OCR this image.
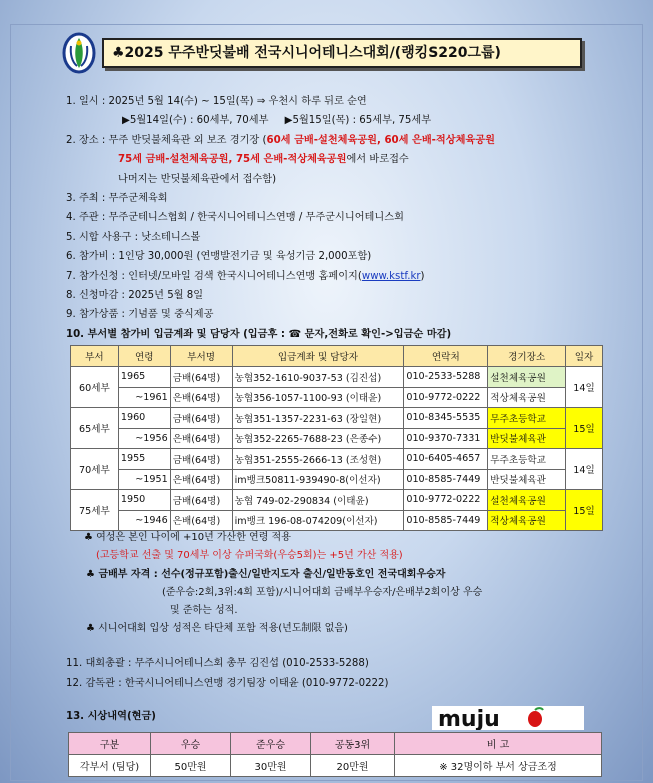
♣2025 무주반딧불배 전국시니어테니스대회/(랭킹S220그룹)
1. 일시 : 2025년 5월 14(수) ~ 15일(목) ⇒ 우천시 하루 뒤로 순연
▶5월14일(수) : 60세부, 70세부 ▶5월15일(목) : 65세부, 75세부
2. 장소 : 무주 반딧불체육관 외 보조 경기장 (60세 금배-설천체육공원, 60세 은배-적상체육공원
75세 금배-설천체육공원, 75세 은배-적상체육공원에서 바로접수
나머지는 반딧불체육관에서 접수함)
3. 주최 : 무주군체육회
4. 주관 : 무주군테니스협회 / 한국시니어테니스연맹 / 무주군시니어테니스회
5. 시합 사용구 : 낫소테니스볼
6. 참가비 : 1인당 30,000원 (연맹발전기금 및 육성기금 2,000포함)
7. 참가신청 : 인터넷/모바일 검색 한국시니어테니스연맹 홈페이지(www.kstf.kr)
8. 신청마감 : 2025년 5월 8일
9. 참가상품 : 기념품 및 중식제공
10. 부서별 참가비 입금계좌 및 담당자 (입금후 : ☎ 문자,전화로 확인->입금순 마감)
부서	연령	부서명	입금계좌 및 담당자	연락처	경기장소	일자
60세부	1965	금배(64명)	농협352-1610-9037-53 (김진섭)	010-2533-5288	설천체육공원	14일
	~1961	은배(64명)	농협356-1057-1100-93 (이태윤)	010-9772-0222	적상체육공원	
65세부	1960	금배(64명)	농협351-1357-2231-63 (장일현)	010-8345-5535	무주초등학교	15일
	~1956	은배(64명)	농협352-2265-7688-23 (은종수)	010-9370-7331	반딧불체육관	
70세부	1955	금배(64명)	농협351-2555-2666-13 (조성현)	010-6405-4657	무주초등학교	14일
	~1951	은배(64명)	im뱅크50811-939490-8(이선자)	010-8585-7449	반딧불체육관	
75세부	1950	금배(64명)	농협 749-02-290834 (이태윤)	010-9772-0222	설천체육공원	15일
	~1946	은배(64명)	im뱅크 196-08-074209(이선자)	010-8585-7449	적상체육공원	
♣ 여성은 본인 나이에 +10년 가산한 연령 적용
(고등학교 선출 및 70세부 이상 슈퍼국화(우승5회)는 +5년 가산 적용)
♣ 금배부 자격 : 선수(정규포함)출신/일반지도자 출신/일반동호인 전국대회우승자
(준우승:2회,3위:4회 포함)/시니어대회 금배부우승자/은배부2회이상 우승
및 준하는 성적.
♣ 시니어대회 입상 성적은 타단체 포함 적용(년도制限 없음)
11. 대회총괄 : 무주시니어테니스회 총무 김진섭 (010-2533-5288)
12. 감독관 : 한국시니어테니스연맹 경기팀장 이태윤 (010-9772-0222)
13. 시상내역(현금)	muju
구분	우승	준우승	공동3위	비 고
각부서 (팀당)	50만원	30만원	20만원	※ 32명이하 부서 상금조정
